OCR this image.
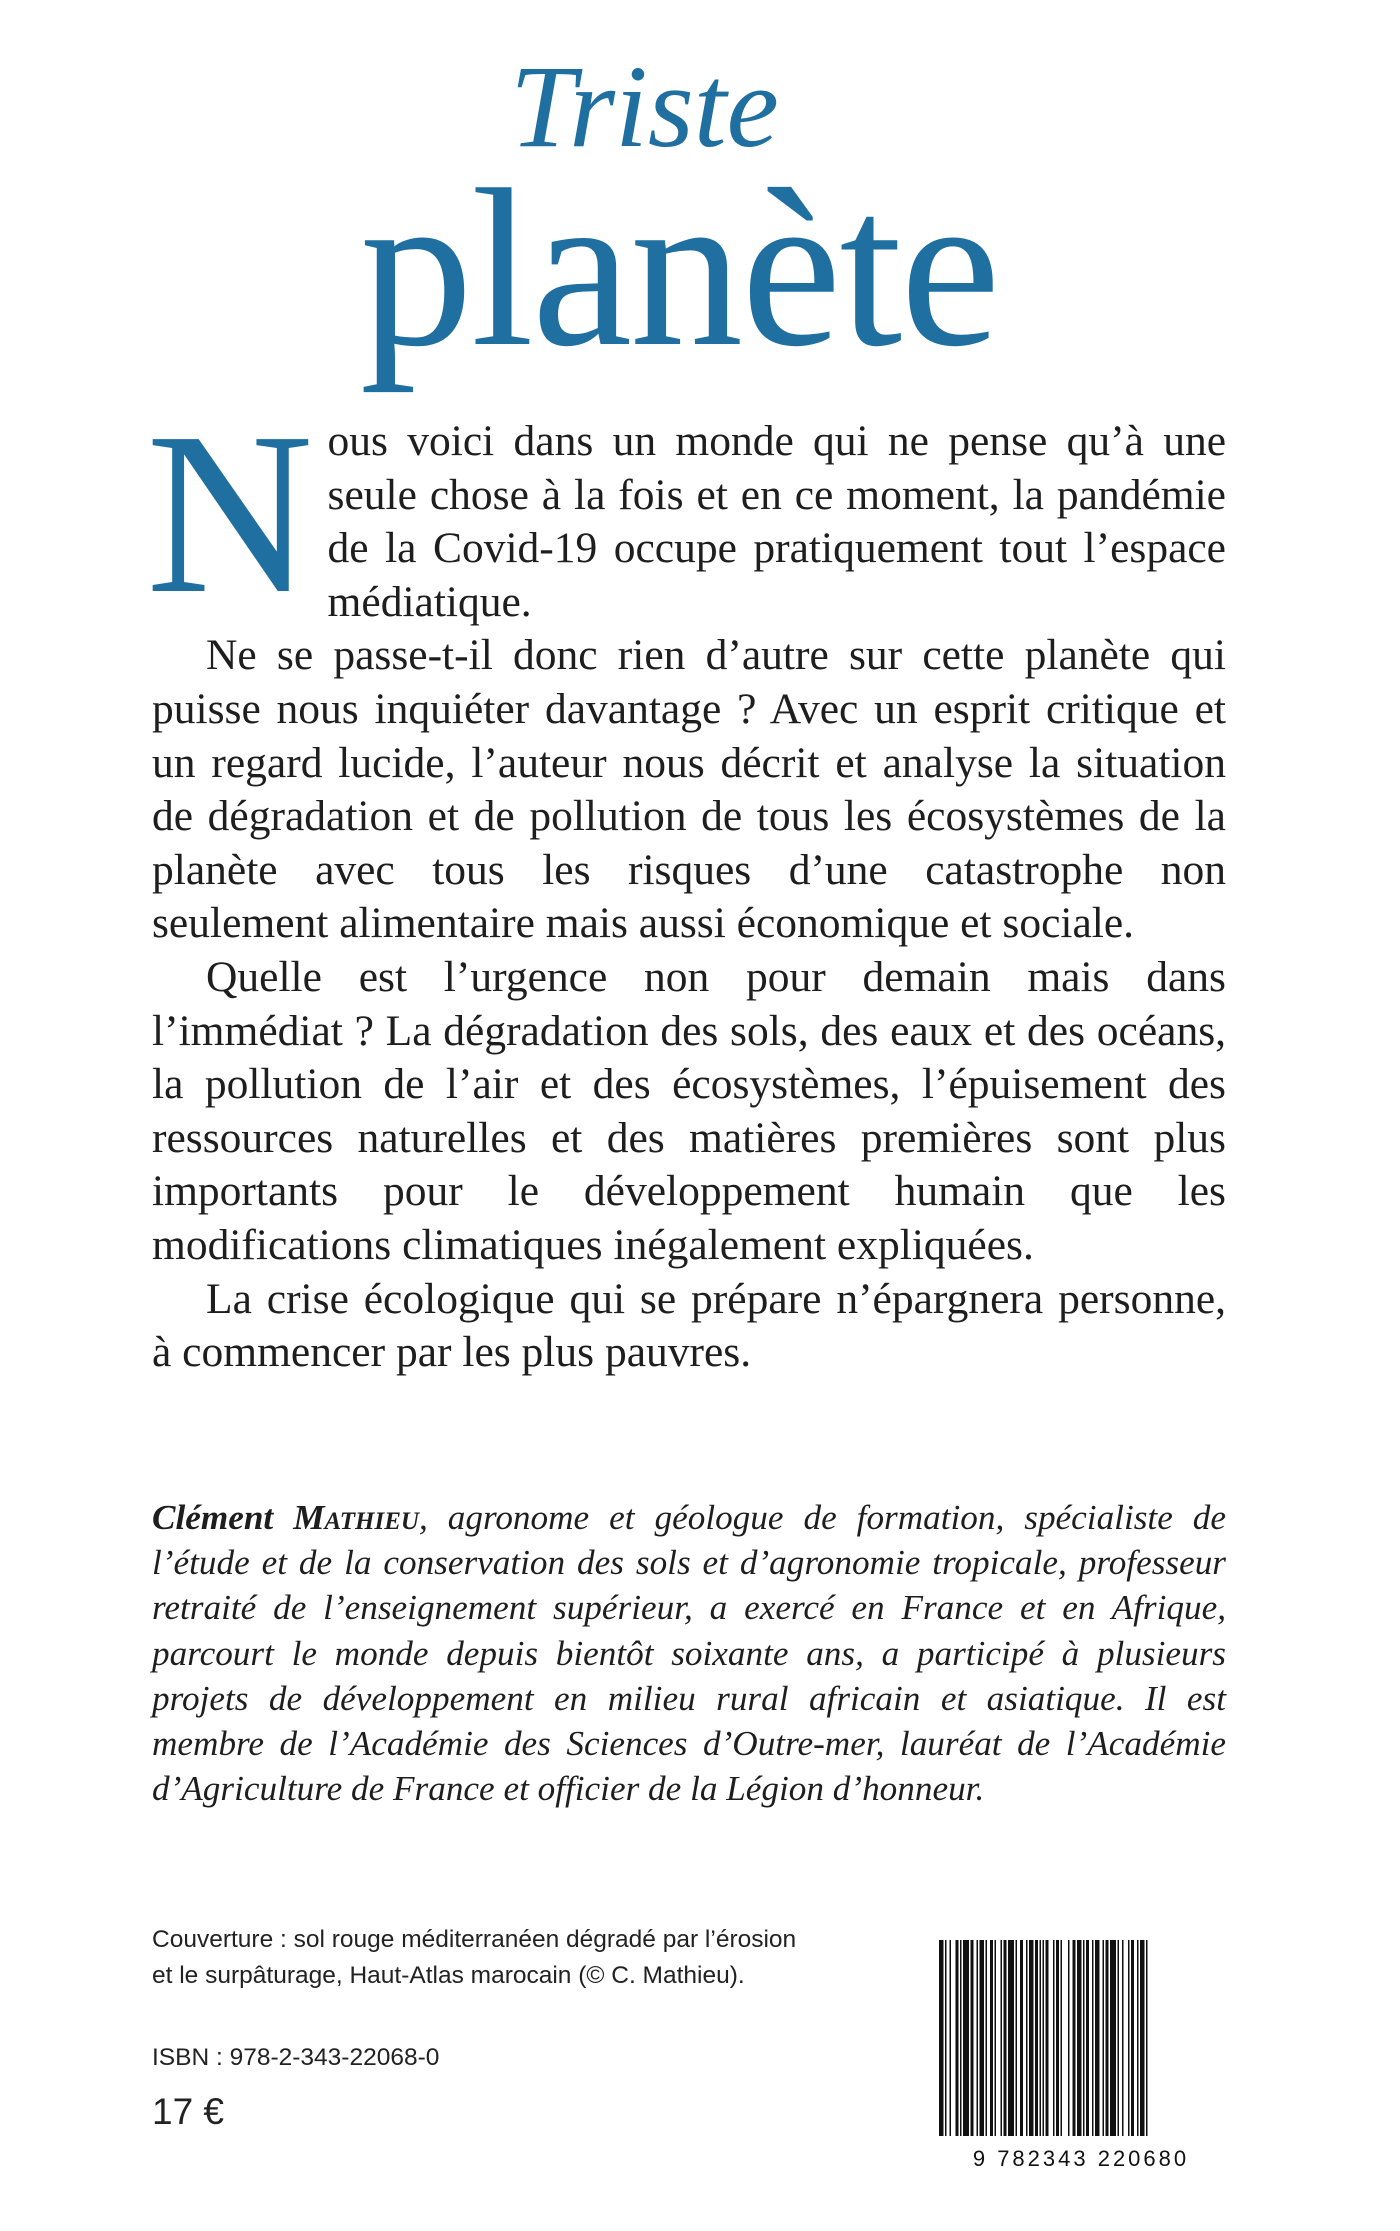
Triste
planète

Nous voici dans un monde qui ne pense qu’à une seule chose à la fois et en ce moment, la pandémie de la Covid-19 occupe pratiquement tout l’espace médiatique.

Ne se passe-t-il donc rien d’autre sur cette planète qui puisse nous inquiéter davantage ? Avec un esprit critique et un regard lucide, l’auteur nous décrit et analyse la situation de dégradation et de pollution de tous les écosystèmes de la planète avec tous les risques d’une catastrophe non seulement alimentaire mais aussi économique et sociale.

Quelle est l’urgence non pour demain mais dans l’immédiat ? La dégradation des sols, des eaux et des océans, la pollution de l’air et des écosystèmes, l’épuisement des ressources naturelles et des matières premières sont plus importants pour le développement humain que les modifications climatiques inégalement expliquées.

La crise écologique qui se prépare n’épargnera personne, à commencer par les plus pauvres.

Clément Mathieu, agronome et géologue de formation, spécialiste de l’étude et de la conservation des sols et d’agronomie tropicale, professeur retraité de l’enseignement supérieur, a exercé en France et en Afrique, parcourt le monde depuis bientôt soixante ans, a participé à plusieurs projets de développement en milieu rural africain et asiatique. Il est membre de l’Académie des Sciences d’Outre-mer, lauréat de l’Académie d’Agriculture de France et officier de la Légion d’honneur.
Couverture : sol rouge méditerranéen dégradé par l’érosion
et le surpâturage, Haut-Atlas marocain (© C. Mathieu).
ISBN : 978-2-343-22068-0
17 €
9 782343 220680
